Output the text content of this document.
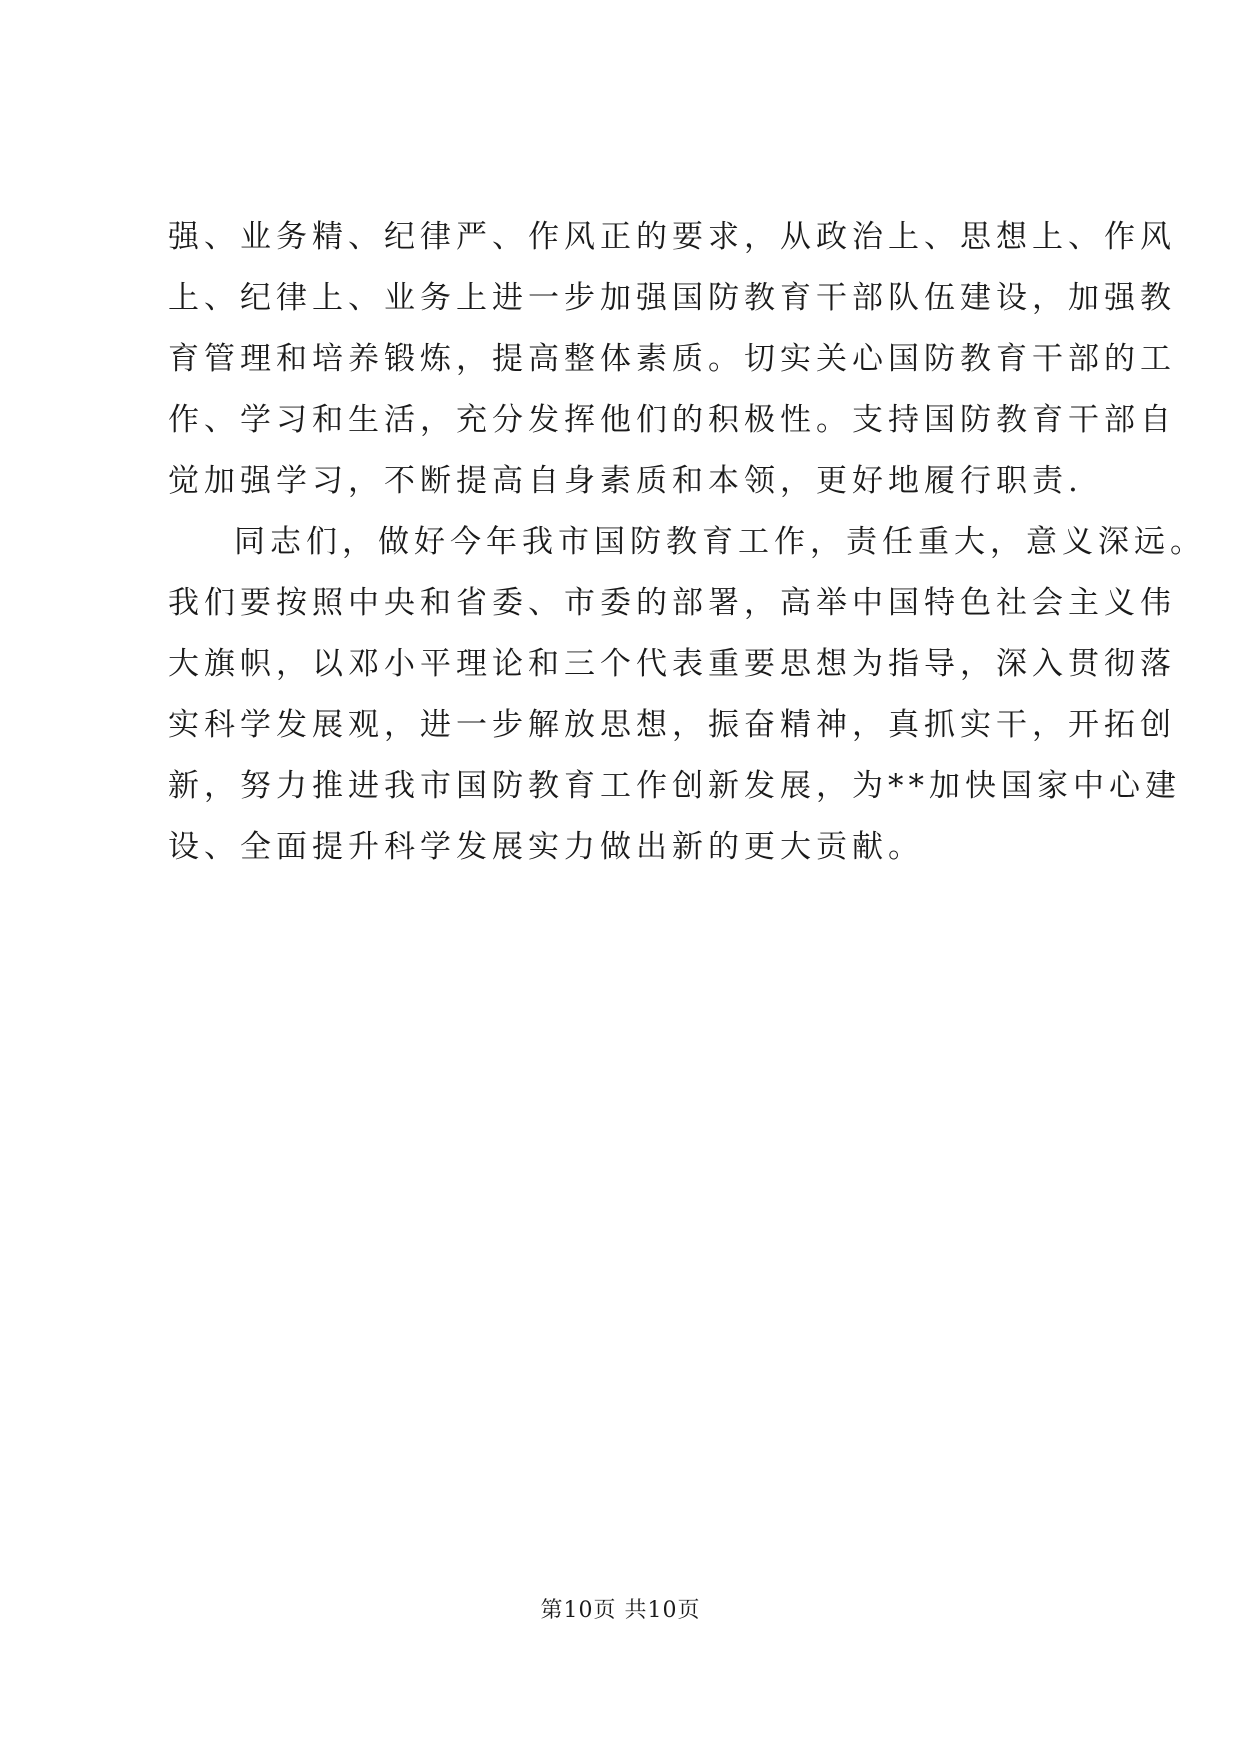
强、业务精、纪律严、作风正的要求，从政治上、思想上、作风
上、纪律上、业务上进一步加强国防教育干部队伍建设，加强教
育管理和培养锻炼，提高整体素质。切实关心国防教育干部的工
作、学习和生活，充分发挥他们的积极性。支持国防教育干部自
觉加强学习，不断提高自身素质和本领，更好地履行职责.
同志们，做好今年我市国防教育工作，责任重大，意义深远。
我们要按照中央和省委、市委的部署，高举中国特色社会主义伟
大旗帜，以邓小平理论和三个代表重要思想为指导，深入贯彻落
实科学发展观，进一步解放思想，振奋精神，真抓实干，开拓创
新，努力推进我市国防教育工作创新发展，为**加快国家中心建
设、全面提升科学发展实力做出新的更大贡献。
第10页 共10页
